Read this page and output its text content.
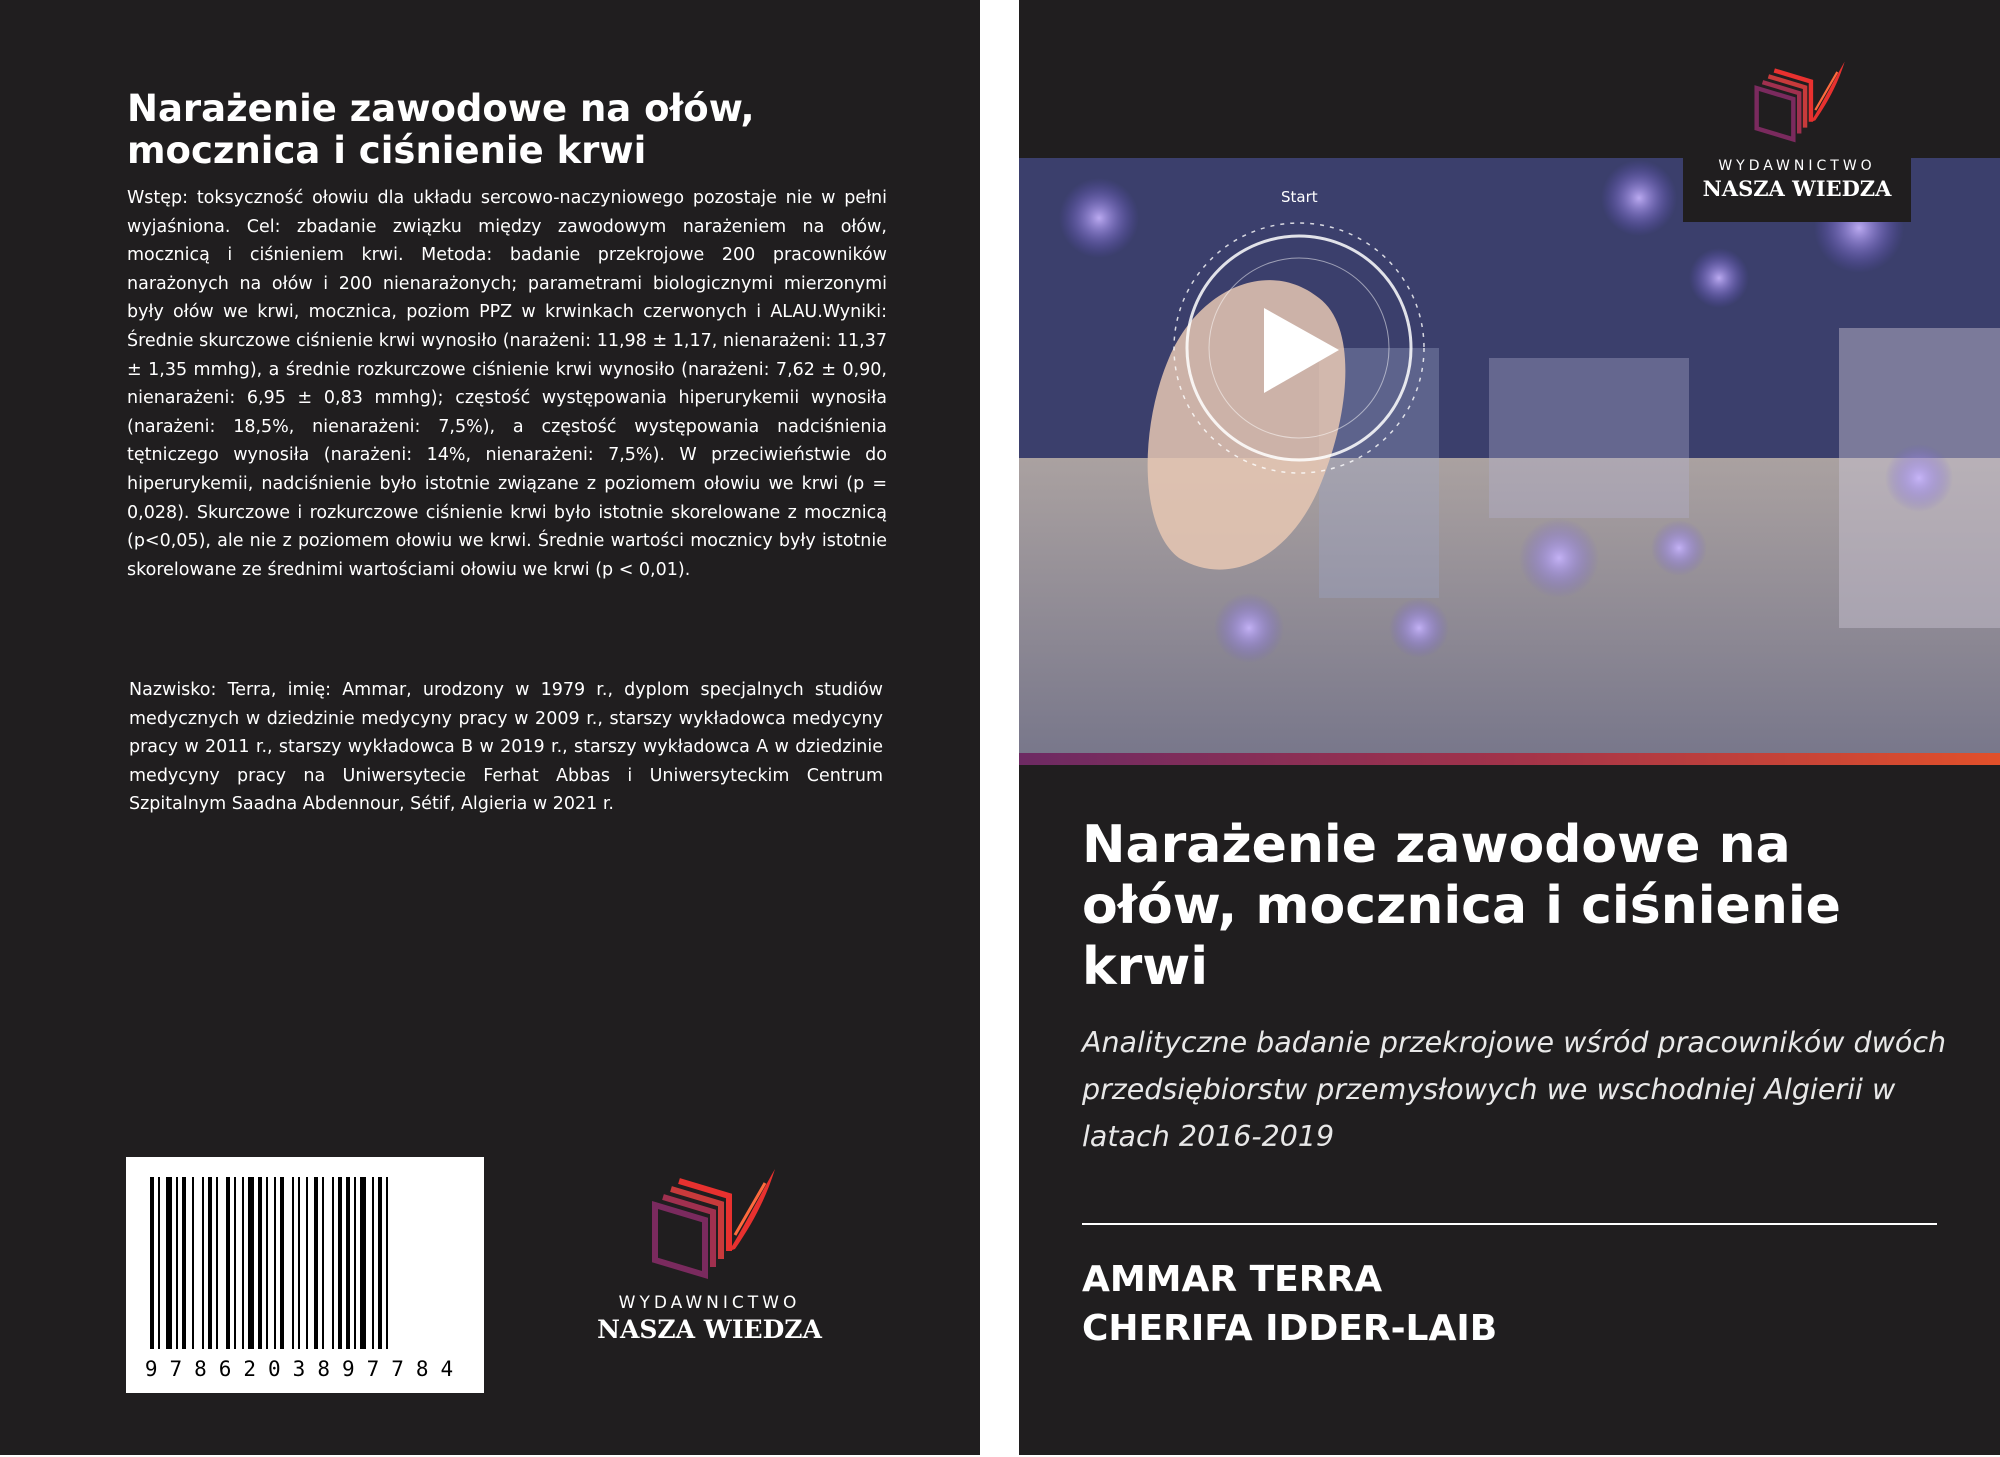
Narażenie zawodowe na ołów, mocznica i ciśnienie krwi
Wstęp: toksyczność ołowiu dla układu sercowo-naczyniowego pozostaje nie w pełni wyjaśniona. Cel: zbadanie związku między zawodowym narażeniem na ołów, mocznicą i ciśnieniem krwi. Metoda: badanie przekrojowe 200 pracowników narażonych na ołów i 200 nienarażonych; parametrami biologicznymi mierzonymi były ołów we krwi, mocznica, poziom PPZ w krwinkach czerwonych i ALAU.Wyniki: Średnie skurczowe ciśnienie krwi wynosiło (narażeni: 11,98 ± 1,17, nienarażeni: 11,37 ± 1,35 mmhg), a średnie rozkurczowe ciśnienie krwi wynosiło (narażeni: 7,62 ± 0,90, nienarażeni: 6,95 ± 0,83 mmhg); częstość występowania hiperurykemii wynosiła (narażeni: 18,5%, nienarażeni: 7,5%), a częstość występowania nadciśnienia tętniczego wynosiła (narażeni: 14%, nienarażeni: 7,5%). W przeciwieństwie do hiperurykemii, nadciśnienie było istotnie związane z poziomem ołowiu we krwi (p = 0,028). Skurczowe i rozkurczowe ciśnienie krwi było istotnie skorelowane z mocznicą (p<0,05), ale nie z poziomem ołowiu we krwi. Średnie wartości mocznicy były istotnie skorelowane ze średnimi wartościami ołowiu we krwi (p < 0,01).
Nazwisko: Terra, imię: Ammar, urodzony w 1979 r., dyplom specjalnych studiów medycznych w dziedzinie medycyny pracy w 2009 r., starszy wykładowca medycyny pracy w 2011 r., starszy wykładowca B w 2019 r., starszy wykładowca A w dziedzinie medycyny pracy na Uniwersytecie Ferhat Abbas i Uniwersyteckim Centrum Szpitalnym Saadna Abdennour, Sétif, Algieria w 2021 r.
9786203897784
WYDAWNICTWO
NASZA WIEDZA
Start
Narażenie zawodowe na ołów, mocznica i ciśnienie krwi
Analityczne badanie przekrojowe wśród pracowników dwóch przedsiębiorstw przemysłowych we wschodniej Algierii w latach 2016-2019
AMMAR TERRA
CHERIFA IDDER-LAIB
WYDAWNICTWO
NASZA WIEDZA
